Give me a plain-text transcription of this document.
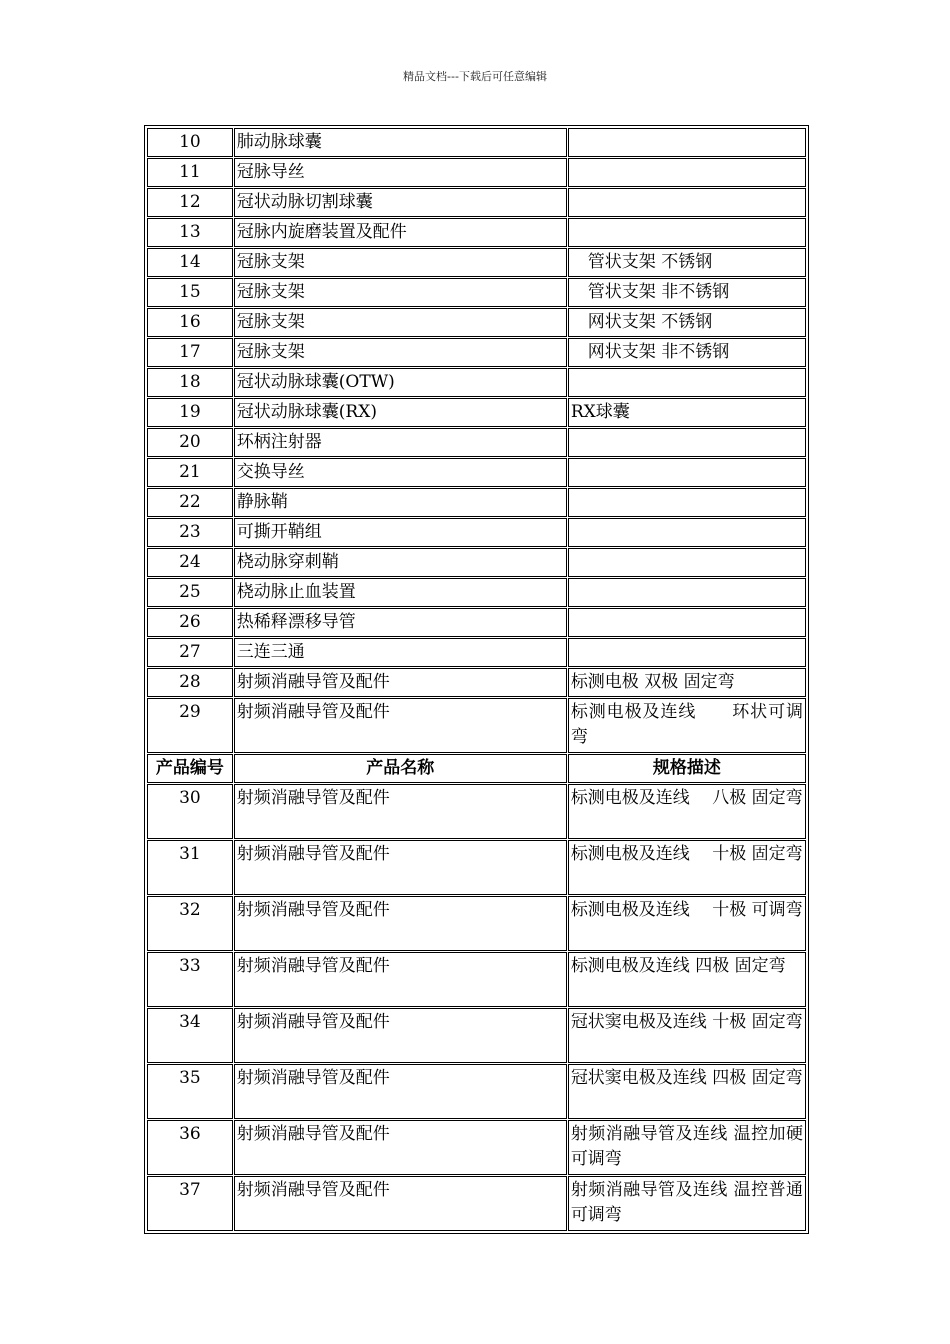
精品文档---下载后可任意编辑
10	肺动脉球囊	
11	冠脉导丝	
12	冠状动脉切割球囊	
13	冠脉内旋磨装置及配件	
14	冠脉支架	　管状支架 不锈钢
15	冠脉支架	　管状支架 非不锈钢
16	冠脉支架	　网状支架 不锈钢
17	冠脉支架	　网状支架 非不锈钢
18	冠状动脉球囊(OTW)	
19	冠状动脉球囊(RX)	RX球囊
20	环柄注射器	
21	交换导丝	
22	静脉鞘	
23	可撕开鞘组	
24	桡动脉穿刺鞘	
25	桡动脉止血装置	
26	热稀释漂移导管	
27	三连三通	
28	射频消融导管及配件	标测电极 双极 固定弯
29	射频消融导管及配件	标测电极及连线　　环状可调弯
产品编号	产品名称	规格描述
30	射频消融导管及配件	标测电极及连线　 八极 固定弯
31	射频消融导管及配件	标测电极及连线　 十极 固定弯
32	射频消融导管及配件	标测电极及连线　 十极 可调弯
33	射频消融导管及配件	标测电极及连线 四极 固定弯
34	射频消融导管及配件	冠状窦电极及连线 十极 固定弯
35	射频消融导管及配件	冠状窦电极及连线 四极 固定弯
36	射频消融导管及配件	射频消融导管及连线 温控加硬 可调弯
37	射频消融导管及配件	射频消融导管及连线 温控普通 可调弯
